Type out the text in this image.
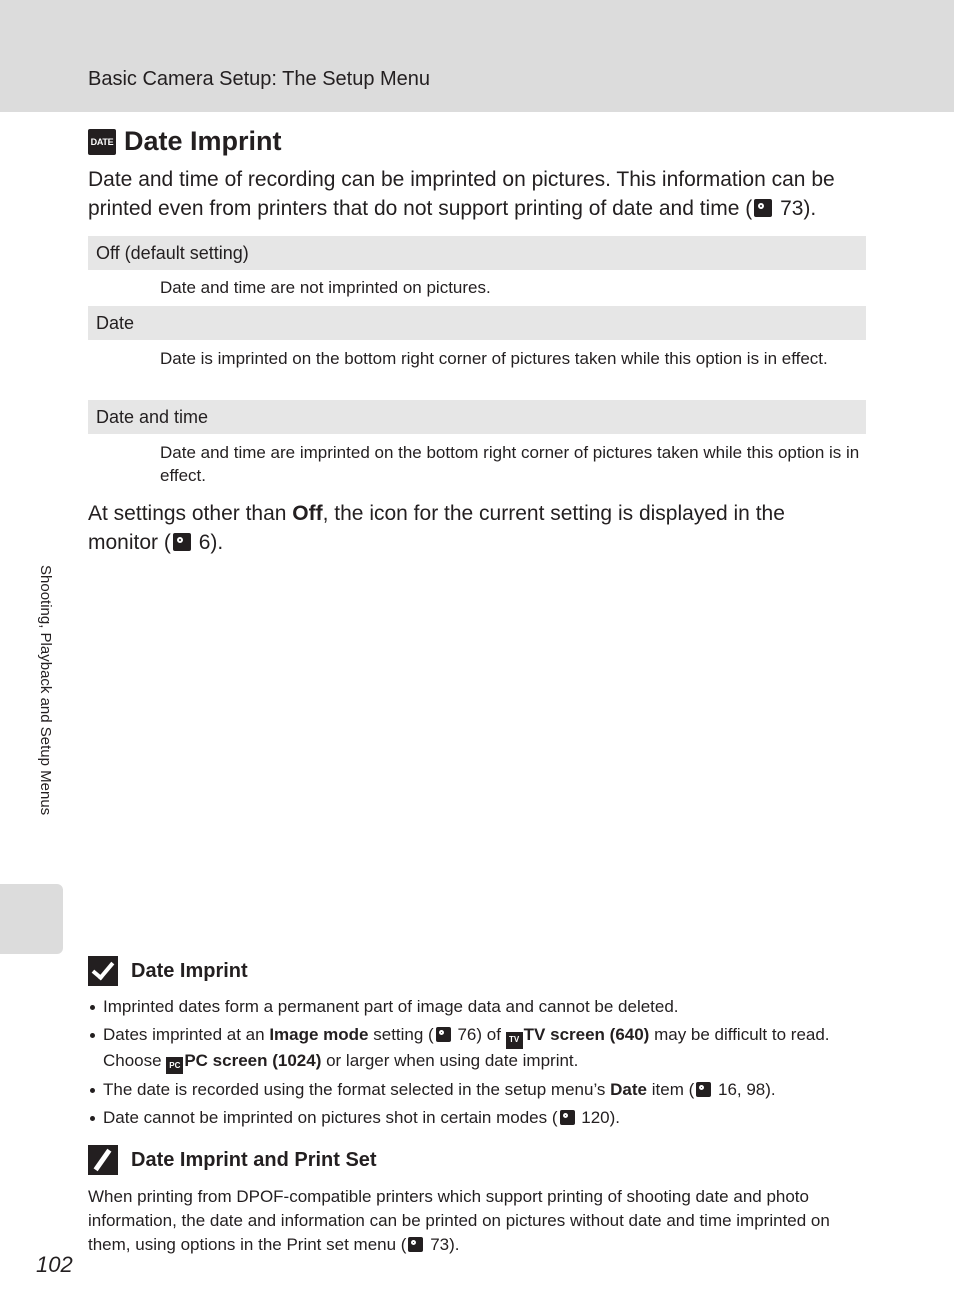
Basic Camera Setup: The Setup Menu
Shooting, Playback and Setup Menus
DATE Date Imprint
Date and time of recording can be imprinted on pictures. This information can be printed even from printers that do not support printing of date and time ( 73).
Off (default setting)
Date and time are not imprinted on pictures.
Date
Date is imprinted on the bottom right corner of pictures taken while this option is in effect.
Date and time
Date and time are imprinted on the bottom right corner of pictures taken while this option is in effect.
At settings other than Off, the icon for the current setting is displayed in the monitor ( 6).
Date Imprint
Imprinted dates form a permanent part of image data and cannot be deleted.
Dates imprinted at an Image mode setting ( 76) of TV TV screen (640) may be difficult to read. Choose PC PC screen (1024) or larger when using date imprint.
The date is recorded using the format selected in the setup menu’s Date item ( 16, 98).
Date cannot be imprinted on pictures shot in certain modes ( 120).
Date Imprint and Print Set
When printing from DPOF-compatible printers which support printing of shooting date and photo information, the date and information can be printed on pictures without date and time imprinted on them, using options in the Print set menu ( 73).
102
